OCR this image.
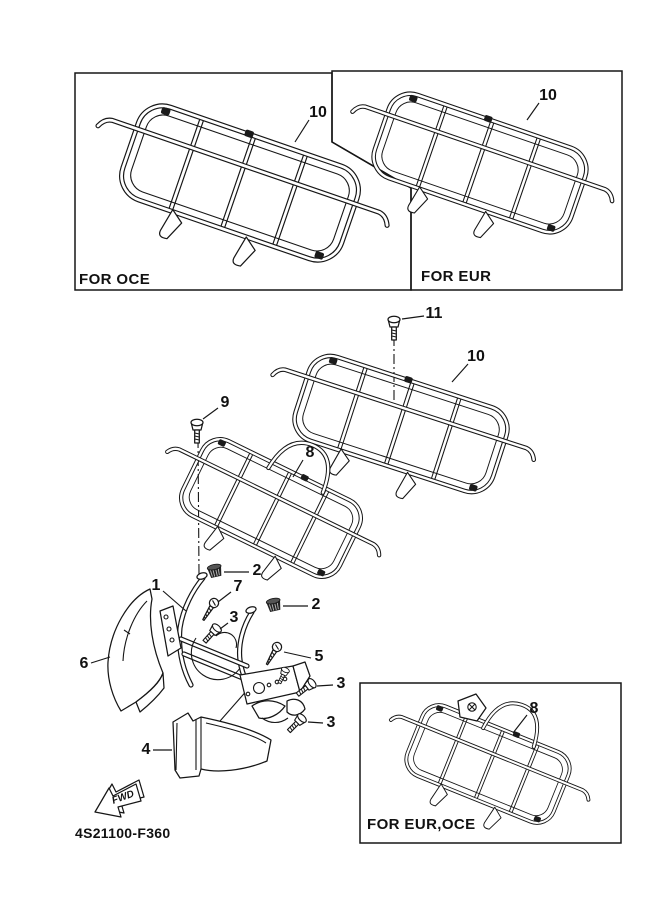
FWD
10
10
11
10
9
8
1
2
7
2
3
5
3
3
6
4
8
FOR OCE	FOR EUR
FOR EUR,OCE
4S21100-F360
